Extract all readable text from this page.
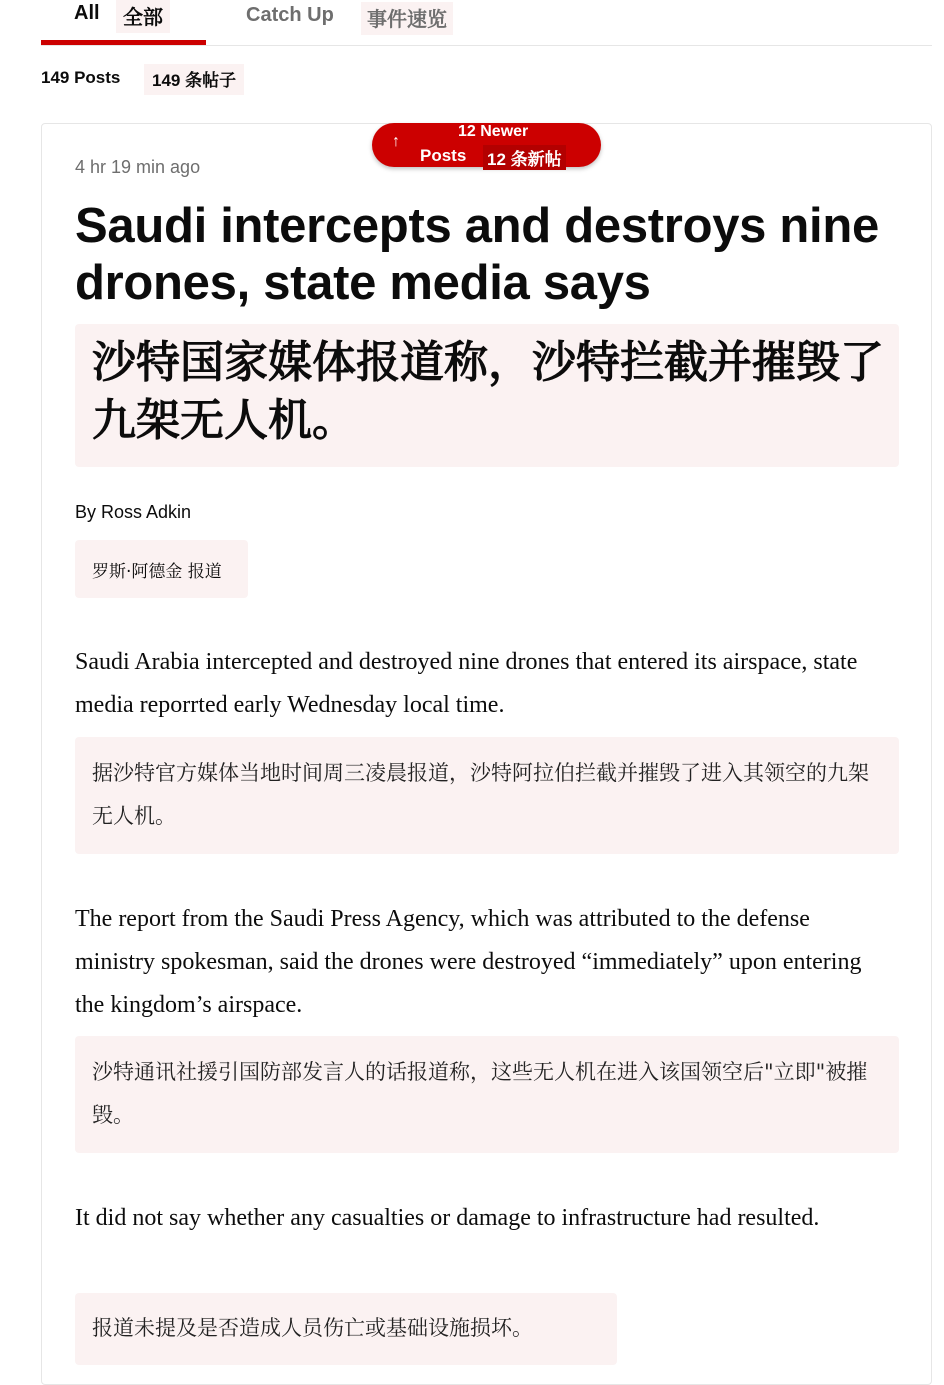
All	全部	Catch Up	事件速览
149 Posts	149 条帖子
↑
12 Newer
Posts 12 条新帖
4 hr 19 min ago
Saudi intercepts and destroys nine drones, state media says
沙特国家媒体报道称，沙特拦截并摧毁了九架无人机。
By Ross Adkin
罗斯·阿德金 报道

Saudi Arabia intercepted and destroyed nine drones that entered its airspace, state media reporrted early Wednesday local time.

据沙特官方媒体当地时间周三凌晨报道，沙特阿拉伯拦截并摧毁了进入其领空的九架无人机。

The report from the Saudi Press Agency, which was attributed to the defense ministry spokesman, said the drones were destroyed “immediately” upon entering the kingdom’s airspace.

沙特通讯社援引国防部发言人的话报道称，这些无人机在进入该国领空后"立即"被摧毁。

It did not say whether any casualties or damage to infrastructure had resulted.

报道未提及是否造成人员伤亡或基础设施损坏。
